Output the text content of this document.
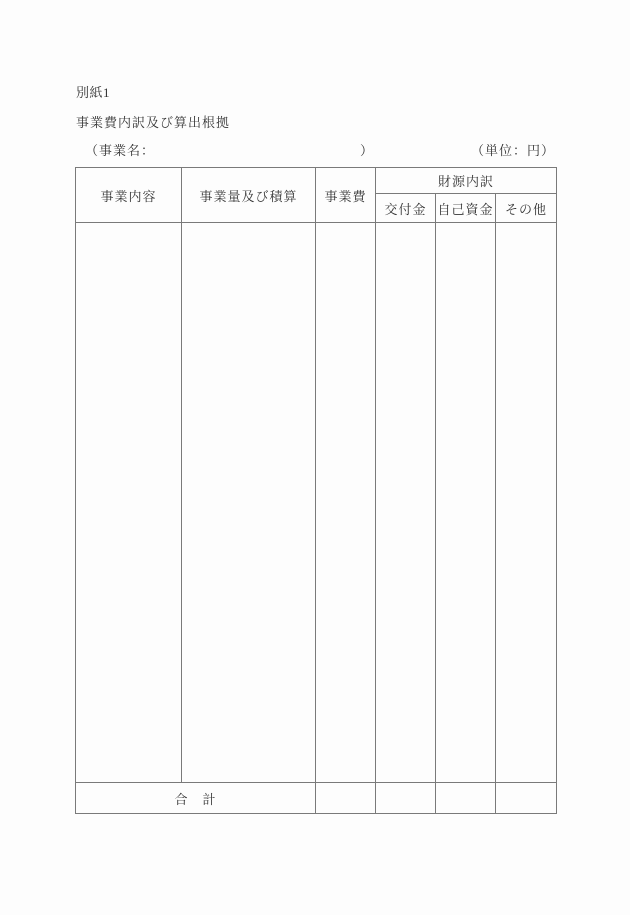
別紙1
事業費内訳及び算出根拠
（事業名：	）	（単位：円）
事業内容	事業量及び積算	事業費	財源内訳		
			交付金	自己資金	その他

合　計					
